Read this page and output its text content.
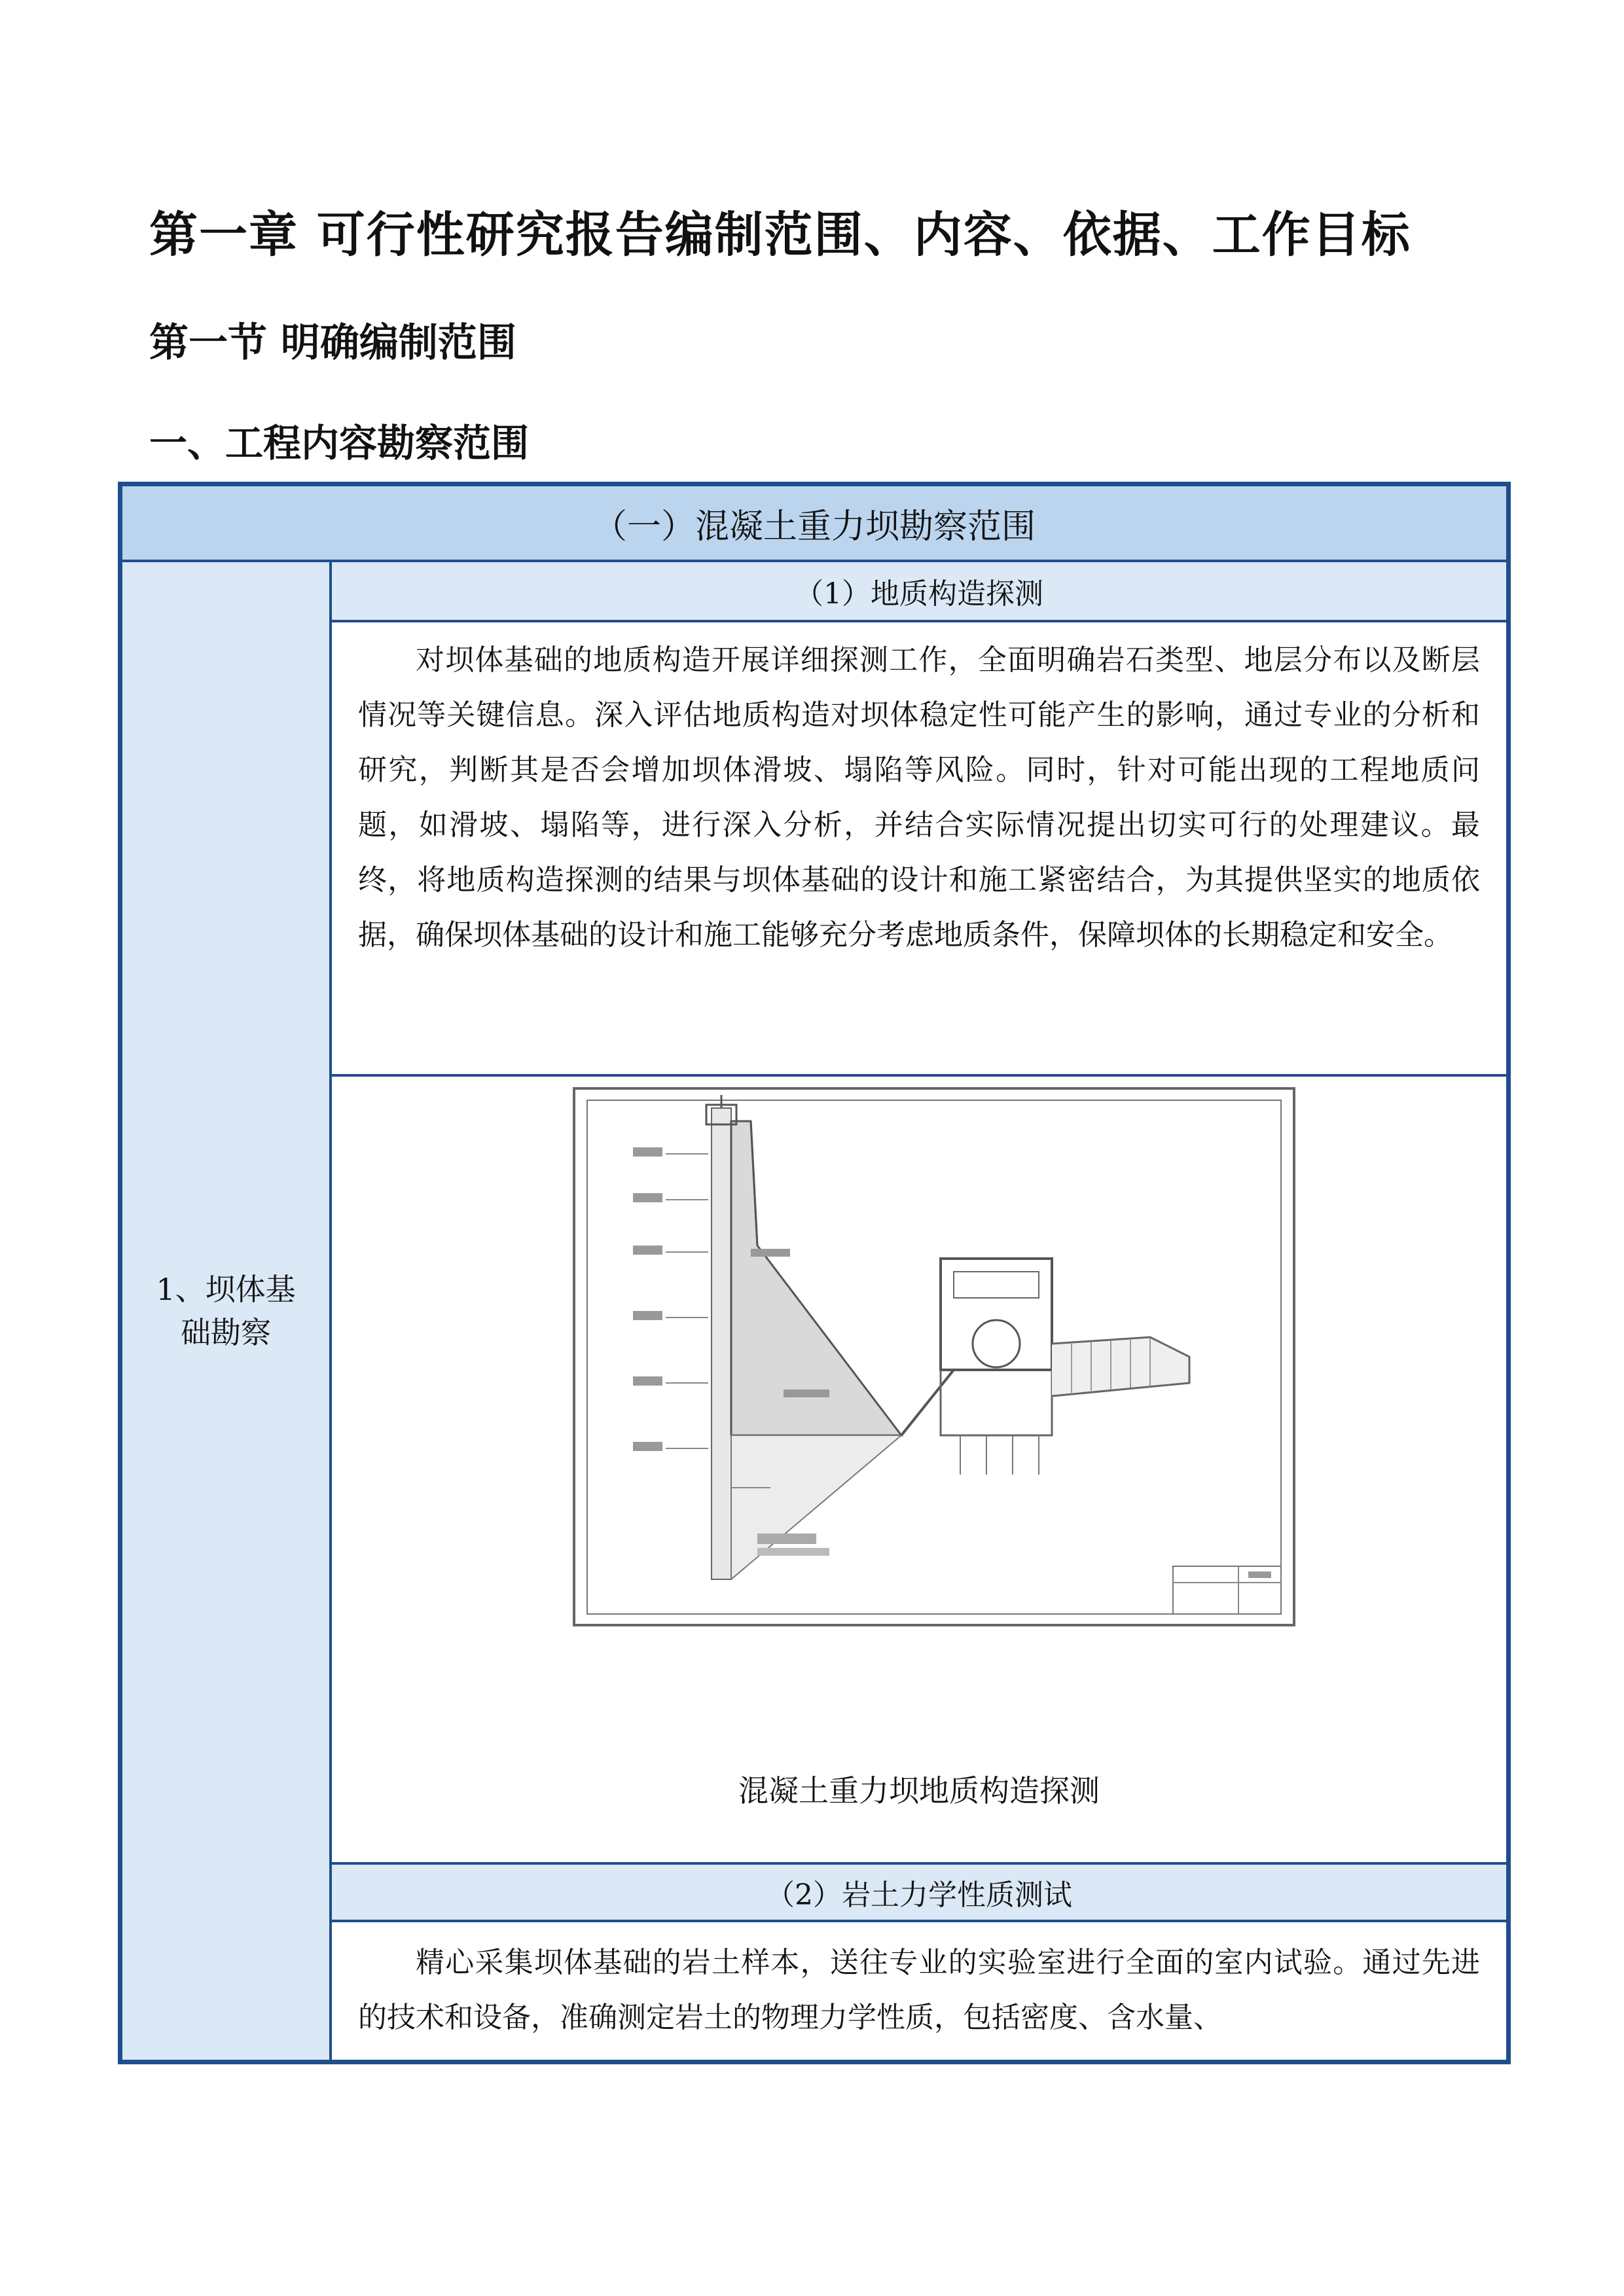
第一章 可行性研究报告编制范围、内容、依据、工作目标
第一节 明确编制范围
一、工程内容勘察范围
（一）混凝土重力坝勘察范围
1、坝体基础勘察
（1）地质构造探测
对坝体基础的地质构造开展详细探测工作，全面明确岩石类型、地层分布以及断层情况等关键信息。深入评估地质构造对坝体稳定性可能产生的影响，通过专业的分析和研究，判断其是否会增加坝体滑坡、塌陷等风险。同时，针对可能出现的工程地质问题，如滑坡、塌陷等，进行深入分析，并结合实际情况提出切实可行的处理建议。最终，将地质构造探测的结果与坝体基础的设计和施工紧密结合，为其提供坚实的地质依据，确保坝体基础的设计和施工能够充分考虑地质条件，保障坝体的长期稳定和安全。
混凝土重力坝地质构造探测
（2）岩土力学性质测试
精心采集坝体基础的岩土样本，送往专业的实验室进行全面的室内试验。通过先进的技术和设备，准确测定岩土的物理力学性质，包括密度、含水量、
